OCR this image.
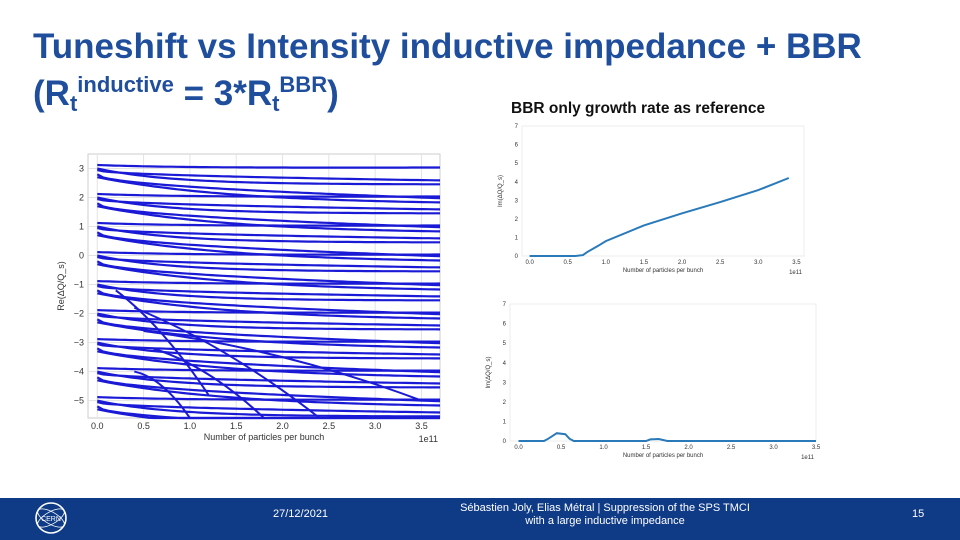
Tuneshift vs Intensity inductive impedance + BBR
$(R_t^{inductive} = 3*R_t^{BBR})$	BBR only growth rate as reference
0.0	0.5	1.0	1.5	2.0	2.5	3.0	3.5
3
2
1
0
−1
−2
−3
−4
−5
Number of particles per bunch	1e11
Re(ΔQ/Q_s)	0.0	0.5	1.0	1.5	2.0	2.5	3.0	3.5
0
1
2
3
4
5
6
7
Number of particles per bunch	1e11
Im(ΔQ/Q_s)
0.0	0.5	1.0	1.5	2.0	2.5	3.0	3.5
0
1
2
3
4
5
6
7
Number of particles per bunch	1e11
Im(ΔQ/Q_s)
CERN	27/12/2021	Sébastien Joly, Elias Métral | Suppression of the SPS TMCI
with a large inductive impedance
15
